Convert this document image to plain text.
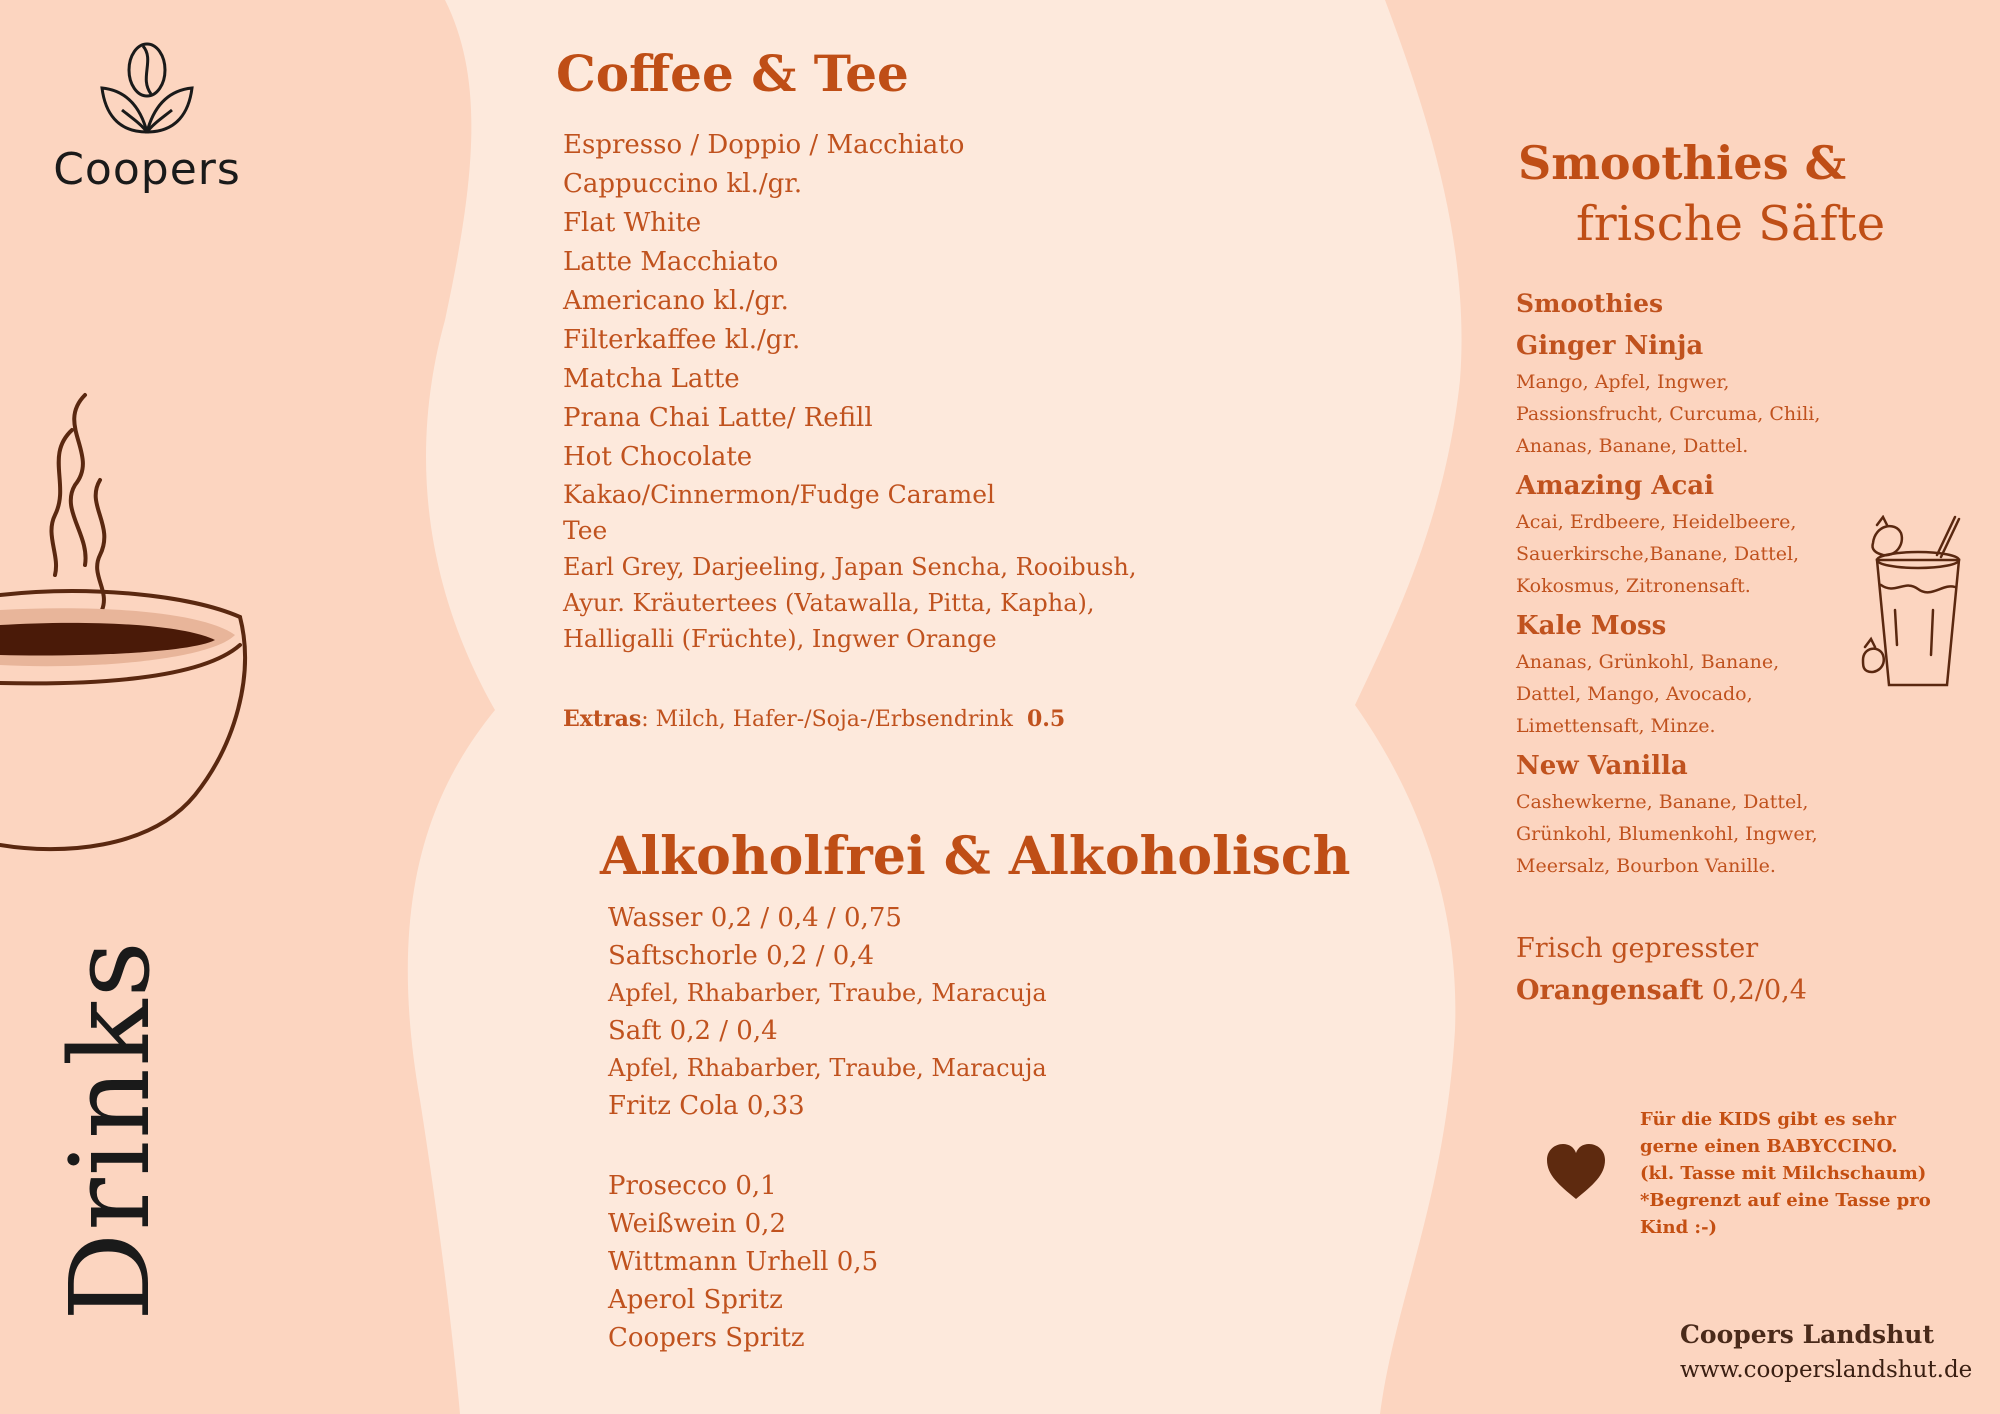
Coopers
Drinks
Coffee & Tee
Espresso / Doppio / Macchiato
Cappuccino kl./gr.
Flat White
Latte Macchiato
Americano kl./gr.
Filterkaffee kl./gr.
Matcha Latte
Prana Chai Latte/ Refill
Hot Chocolate
Kakao/Cinnermon/Fudge Caramel
Tee
Earl Grey, Darjeeling, Japan Sencha, Rooibush,
Ayur. Kräutertees (Vatawalla, Pitta, Kapha),
Halligalli (Früchte), Ingwer Orange
Extras: Milch, Hafer-/Soja-/Erbsendrink 0.5
Alkoholfrei & Alkoholisch
Wasser 0,2 / 0,4 / 0,75
Saftschorle 0,2 / 0,4
Apfel, Rhabarber, Traube, Maracuja
Saft 0,2 / 0,4
Apfel, Rhabarber, Traube, Maracuja
Fritz Cola 0,33
Prosecco 0,1
Weißwein 0,2
Wittmann Urhell 0,5
Aperol Spritz
Coopers Spritz
Smoothies &
frische Säfte
Smoothies
Ginger Ninja
Mango, Apfel, Ingwer,
Passionsfrucht, Curcuma, Chili,
Ananas, Banane, Dattel.
Amazing Acai
Acai, Erdbeere, Heidelbeere,
Sauerkirsche,Banane, Dattel,
Kokosmus, Zitronensaft.
Kale Moss
Ananas, Grünkohl, Banane,
Dattel, Mango, Avocado,
Limettensaft, Minze.
New Vanilla
Cashewkerne, Banane, Dattel,
Grünkohl, Blumenkohl, Ingwer,
Meersalz, Bourbon Vanille.
Frisch gepresster
Orangensaft 0,2/0,4
Für die KIDS gibt es sehr
gerne einen BABYCCINO.
(kl. Tasse mit Milchschaum)
*Begrenzt auf eine Tasse pro
Kind :-)
Coopers Landshut
www.cooperslandshut.de
